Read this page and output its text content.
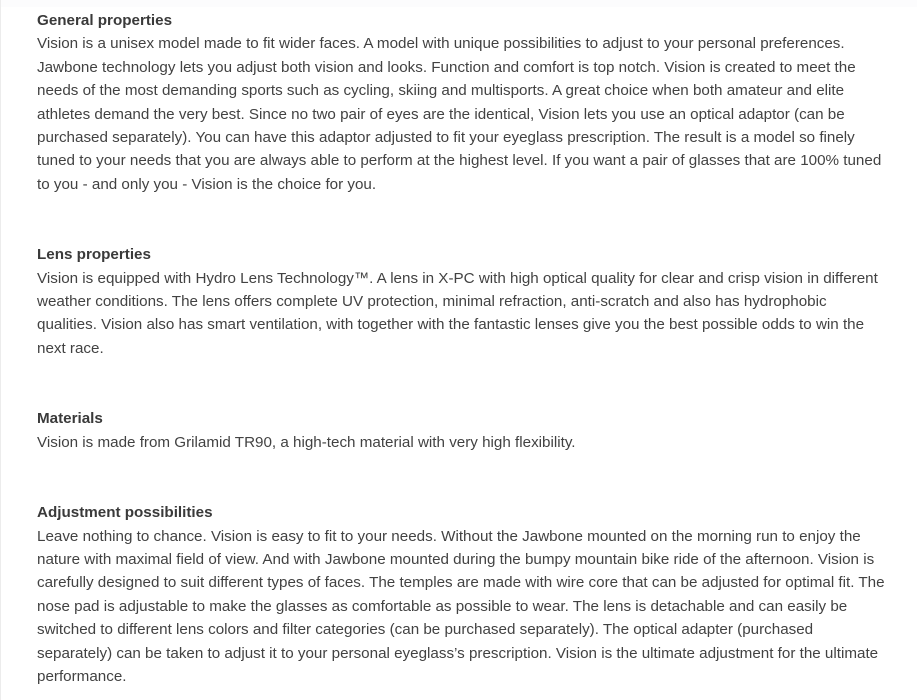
General properties
Vision is a unisex model made to fit wider faces. A model with unique possibilities to adjust to your personal preferences. Jawbone technology lets you adjust both vision and looks. Function and comfort is top notch. Vision is created to meet the needs of the most demanding sports such as cycling, skiing and multisports. A great choice when both amateur and elite athletes demand the very best. Since no two pair of eyes are the identical, Vision lets you use an optical adaptor (can be purchased separately). You can have this adaptor adjusted to fit your eyeglass prescription. The result is a model so finely tuned to your needs that you are always able to perform at the highest level. If you want a pair of glasses that are 100% tuned to you - and only you - Vision is the choice for you.
Lens properties
Vision is equipped with Hydro Lens Technology™. A lens in X-PC with high optical quality for clear and crisp vision in different weather conditions. The lens offers complete UV protection, minimal refraction, anti-scratch and also has hydrophobic qualities. Vision also has smart ventilation, with together with the fantastic lenses give you the best possible odds to win the next race.
Materials
Vision is made from Grilamid TR90, a high-tech material with very high flexibility.
Adjustment possibilities
Leave nothing to chance. Vision is easy to fit to your needs. Without the Jawbone mounted on the morning run to enjoy the nature with maximal field of view. And with Jawbone mounted during the bumpy mountain bike ride of the afternoon. Vision is carefully designed to suit different types of faces. The temples are made with wire core that can be adjusted for optimal fit. The nose pad is adjustable to make the glasses as comfortable as possible to wear. The lens is detachable and can easily be switched to different lens colors and filter categories (can be purchased separately). The optical adapter (purchased separately) can be taken to adjust it to your personal eyeglass’s prescription. Vision is the ultimate adjustment for the ultimate performance.
